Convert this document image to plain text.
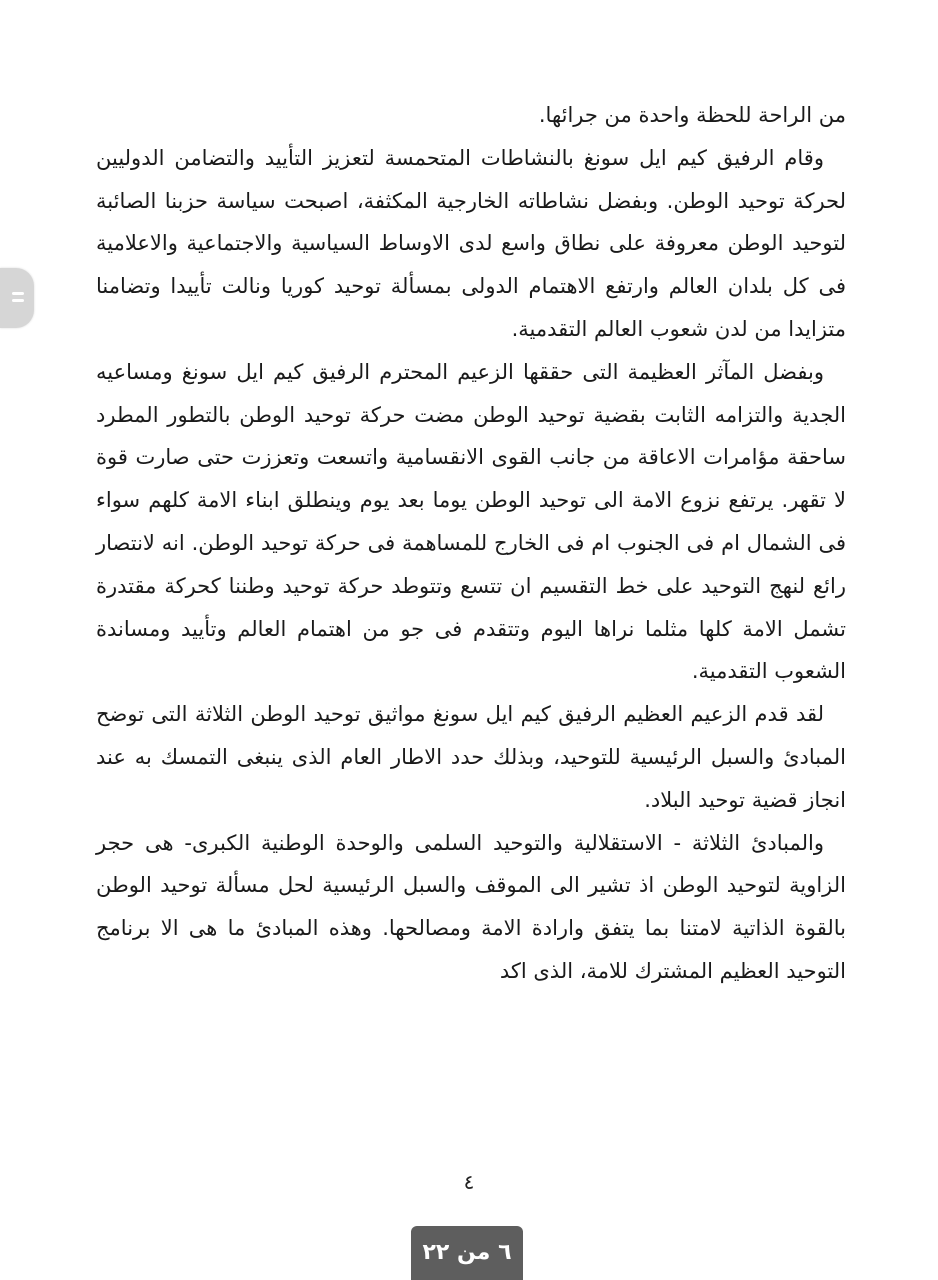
من الراحة للحظة واحدة من جرائها.

وقام الرفيق كيم ايل سونغ بالنشاطات المتحمسة لتعزيز التأييد والتضامن الدوليين لحركة توحيد الوطن. وبفضل نشاطاته الخارجية المكثفة، اصبحت سياسة حزبنا الصائبة لتوحيد الوطن معروفة على نطاق واسع لدى الاوساط السياسية والاجتماعية والاعلامية فى كل بلدان العالم وارتفع الاهتمام الدولى بمسألة توحيد كوريا ونالت تأييدا وتضامنا متزايدا من لدن شعوب العالم التقدمية.

وبفضل المآثر العظيمة التى حققها الزعيم المحترم الرفيق كيم ايل سونغ ومساعيه الجدية والتزامه الثابت بقضية توحيد الوطن مضت حركة توحيد الوطن بالتطور المطرد ساحقة مؤامرات الاعاقة من جانب القوى الانقسامية واتسعت وتعززت حتى صارت قوة لا تقهر. يرتفع نزوع الامة الى توحيد الوطن يوما بعد يوم وينطلق ابناء الامة كلهم سواء فى الشمال ام فى الجنوب ام فى الخارج للمساهمة فى حركة توحيد الوطن. انه لانتصار رائع لنهج التوحيد على خط التقسيم ان تتسع وتتوطد حركة توحيد وطننا كحركة مقتدرة تشمل الامة كلها مثلما نراها اليوم وتتقدم فى جو من اهتمام العالم وتأييد ومساندة الشعوب التقدمية.

لقد قدم الزعيم العظيم الرفيق كيم ايل سونغ مواثيق توحيد الوطن الثلاثة التى توضح المبادئ والسبل الرئيسية للتوحيد، وبذلك حدد الاطار العام الذى ينبغى التمسك به عند انجاز قضية توحيد البلاد.

والمبادئ الثلاثة - الاستقلالية والتوحيد السلمى والوحدة الوطنية الكبرى- هى حجر الزاوية لتوحيد الوطن اذ تشير الى الموقف والسبل الرئيسية لحل مسألة توحيد الوطن بالقوة الذاتية لامتنا بما يتفق وارادة الامة ومصالحها. وهذه المبادئ ما هى الا برنامج التوحيد العظيم المشترك للامة، الذى اكد

٤
٦ من ٢٢
